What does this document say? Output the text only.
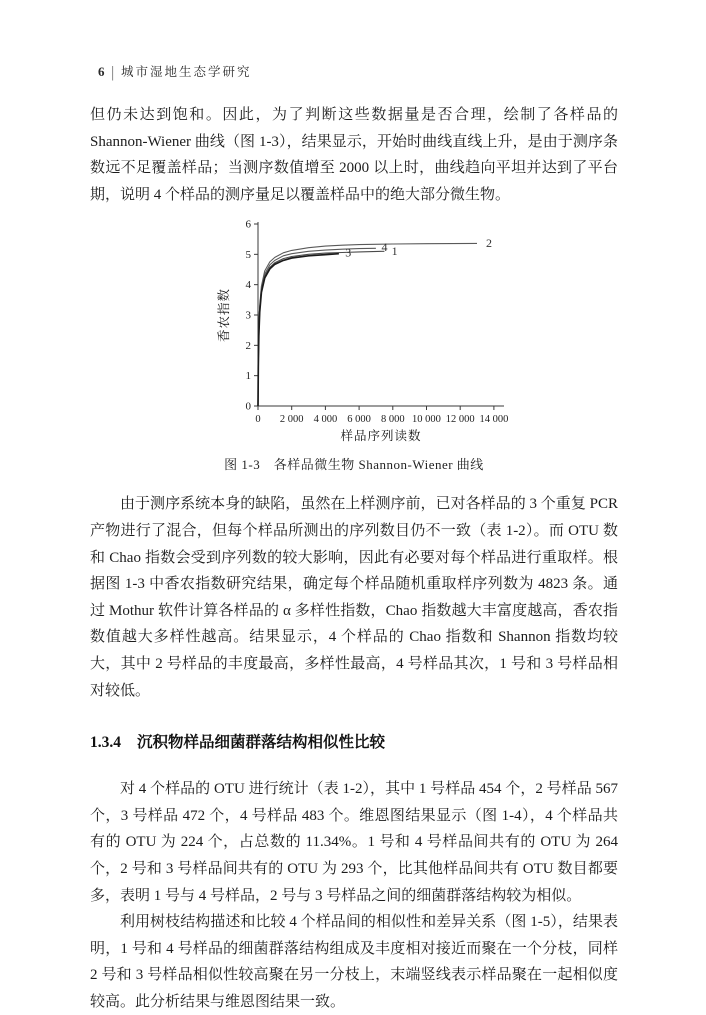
6 | 城市湿地生态学研究

但仍未达到饱和。因此，为了判断这些数据量是否合理，绘制了各样品的 Shannon-Wiener 曲线（图 1-3），结果显示，开始时曲线直线上升，是由于测序条数远不足覆盖样品；当测序数值增至 2000 以上时，曲线趋向平坦并达到了平台期，说明 4 个样品的测序量足以覆盖样品中的绝大部分微生物。

0
1
2
3
4
5
6
0 2 000 4 000 6 000 8 000 10 000 12 000 14 000
2
4 1
3
样品序列读数
香农指数
图 1-3　各样品微生物 Shannon-Wiener 曲线

由于测序系统本身的缺陷，虽然在上样测序前，已对各样品的 3 个重复 PCR 产物进行了混合，但每个样品所测出的序列数目仍不一致（表 1-2）。而 OTU 数和 Chao 指数会受到序列数的较大影响，因此有必要对每个样品进行重取样。根据图 1-3 中香农指数研究结果，确定每个样品随机重取样序列数为 4823 条。通过 Mothur 软件计算各样品的 α 多样性指数，Chao 指数越大丰富度越高，香农指数值越大多样性越高。结果显示，4 个样品的 Chao 指数和 Shannon 指数均较大，其中 2 号样品的丰度最高，多样性最高，4 号样品其次，1 号和 3 号样品相对较低。

1.3.4 沉积物样品细菌群落结构相似性比较

对 4 个样品的 OTU 进行统计（表 1-2），其中 1 号样品 454 个，2 号样品 567 个，3 号样品 472 个，4 号样品 483 个。维恩图结果显示（图 1-4），4 个样品共有的 OTU 为 224 个，占总数的 11.34%。1 号和 4 号样品间共有的 OTU 为 264 个，2 号和 3 号样品间共有的 OTU 为 293 个，比其他样品间共有 OTU 数目都要多，表明 1 号与 4 号样品，2 号与 3 号样品之间的细菌群落结构较为相似。

利用树枝结构描述和比较 4 个样品间的相似性和差异关系（图 1-5），结果表明，1 号和 4 号样品的细菌群落结构组成及丰度相对接近而聚在一个分枝，同样 2 号和 3 号样品相似性较高聚在另一分枝上，末端竖线表示样品聚在一起相似度较高。此分析结果与维恩图结果一致。
